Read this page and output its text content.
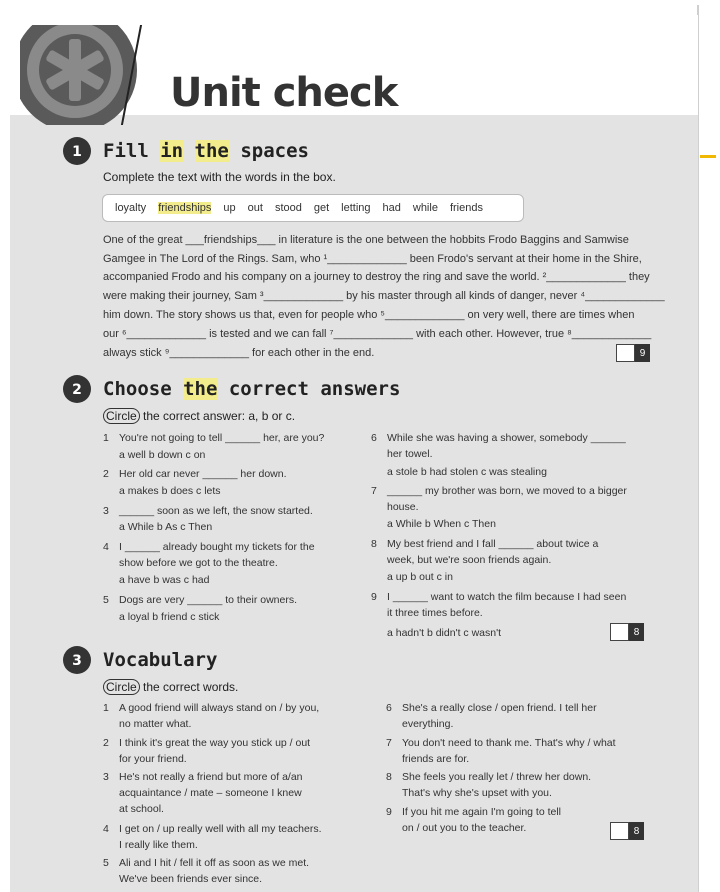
Unit check
1 Fill in the spaces
Complete the text with the words in the box.
loyalty friendships up out stood get letting had while friends
One of the great ___friendships___ in literature is the one between the hobbits Frodo Baggins and Samwise
Gamgee in The Lord of the Rings. Sam, who ¹_____________ been Frodo's servant at their home in the Shire,
accompanied Frodo and his company on a journey to destroy the ring and save the world. ²_____________ they
were making their journey, Sam ³_____________ by his master through all kinds of danger, never ⁴_____________
him down. The story shows us that, even for people who ⁵_____________ on very well, there are times when
our ⁶_____________ is tested and we can fall ⁷_____________ with each other. However, true ⁸_____________
always stick ⁹_____________ for each other in the end.	9
2 Choose the correct answers
Circle the correct answer: a, b or c.
1 You're not going to tell ______ her, are you?
a well b down c on
2 Her old car never ______ her down.
a makes b does c lets
3 ______ soon as we left, the snow started.
a While b As c Then
4 I ______ already bought my tickets for the
show before we got to the theatre.
a have b was c had
5 Dogs are very ______ to their owners.
a loyal b friend c stick
6 While she was having a shower, somebody ______
her towel.
a stole b had stolen c was stealing
7 ______ my brother was born, we moved to a bigger
house.
a While b When c Then
8 My best friend and I fall ______ about twice a
week, but we're soon friends again.
a up b out c in
9 I ______ want to watch the film because I had seen
it three times before.
a hadn't b didn't c wasn't	8
3 Vocabulary
Circle the correct words.
1 A good friend will always stand on / by you,
no matter what.
2 I think it's great the way you stick up / out
for your friend.
3 He's not really a friend but more of a/an
acquaintance / mate – someone I knew
at school.
4 I get on / up really well with all my teachers.
I really like them.
5 Ali and I hit / fell it off as soon as we met.
We've been friends ever since.
6 She's a really close / open friend. I tell her
everything.
7 You don't need to thank me. That's why / what
friends are for.
8 She feels you really let / threw her down.
That's why she's upset with you.
9 If you hit me again I'm going to tell
on / out you to the teacher.	8
